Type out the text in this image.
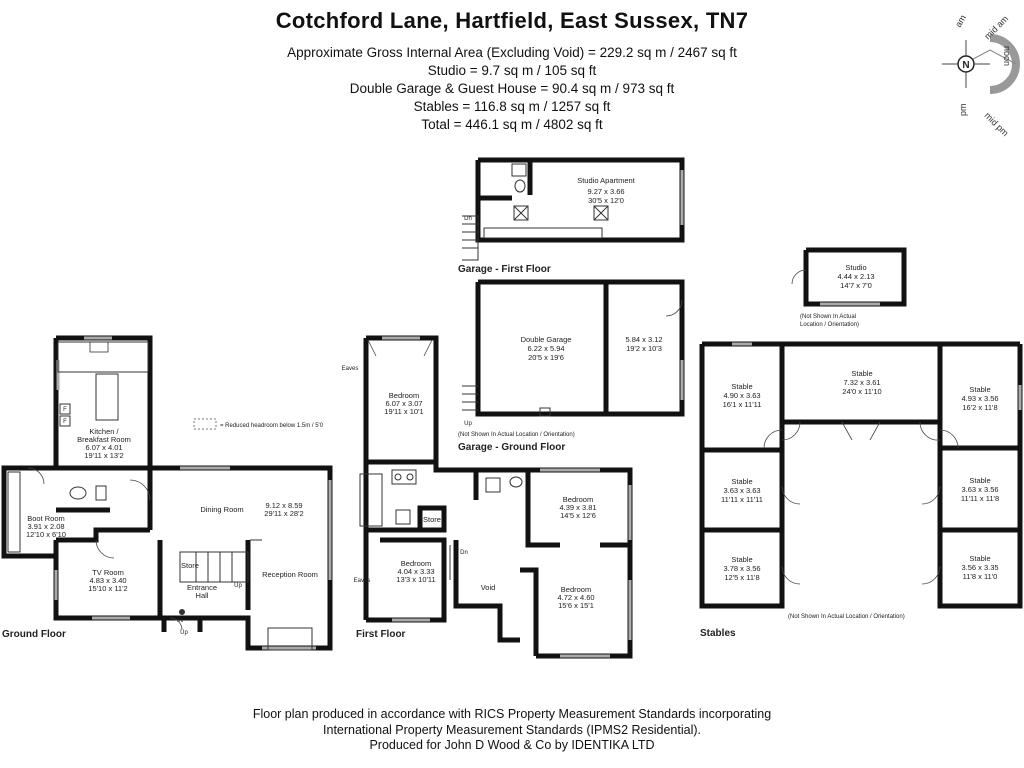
Cotchford Lane, Hartfield, East Sussex, TN7
Approximate Gross Internal Area (Excluding Void) = 229.2 sq m / 2467 sq ft
Studio = 9.7 sq m / 105 sq ft
Double Garage & Guest House = 90.4 sq m / 973 sq ft
Stables = 116.8 sq m / 1257 sq ft
Total = 446.1 sq m / 4802 sq ft
N
am mid am
noon
mid pm
pm
F
F
IN
Up
Kitchen /
Breakfast Room
6.07 x 4.01
19'11 x 13'2
Boot Room
3.91 x 2.08
12'10 x 6'10
TV Room
4.83 x 3.40
15'10 x 11'2
Dining Room	9.12 x 8.59
29'11 x 28'2
Reception Room
Store
Entrance
Hall
Up
Ground Floor
= Reduced headroom below 1.5m / 5'0
Bedroom
6.07 x 3.07
19'11 x 10'1
Eaves
Bedroom
4.39 x 3.81
14'5 x 12'6
Bedroom
4.04 x 3.33
13'3 x 10'11
Eaves
Bedroom
4.72 x 4.60
15'6 x 15'1
Store
Void
Dn
First Floor
Studio Apartment
9.27 x 3.66
30'5 x 12'0
Dn
Garage - First Floor
Up
Double Garage
6.22 x 5.94
20'5 x 19'6
5.84 x 3.12
19'2 x 10'3
(Not Shown In Actual Location / Orientation)
Garage - Ground Floor
Studio
4.44 x 2.13
14'7 x 7'0
(Not Shown In Actual
Location / Orientation)
Stable
7.32 x 3.61
24'0 x 11'10
Stable
4.90 x 3.63
16'1 x 11'11
Stable
3.63 x 3.63
11'11 x 11'11
Stable
3.78 x 3.56
12'5 x 11'8
Stable
4.93 x 3.56
16'2 x 11'8
Stable
3.63 x 3.56
11'11 x 11'8
Stable
3.56 x 3.35
11'8 x 11'0
(Not Shown In Actual Location / Orientation)
Stables
Floor plan produced in accordance with RICS Property Measurement Standards incorporating
International Property Measurement Standards (IPMS2 Residential).
Produced for John D Wood & Co by IDENTIKA LTD
